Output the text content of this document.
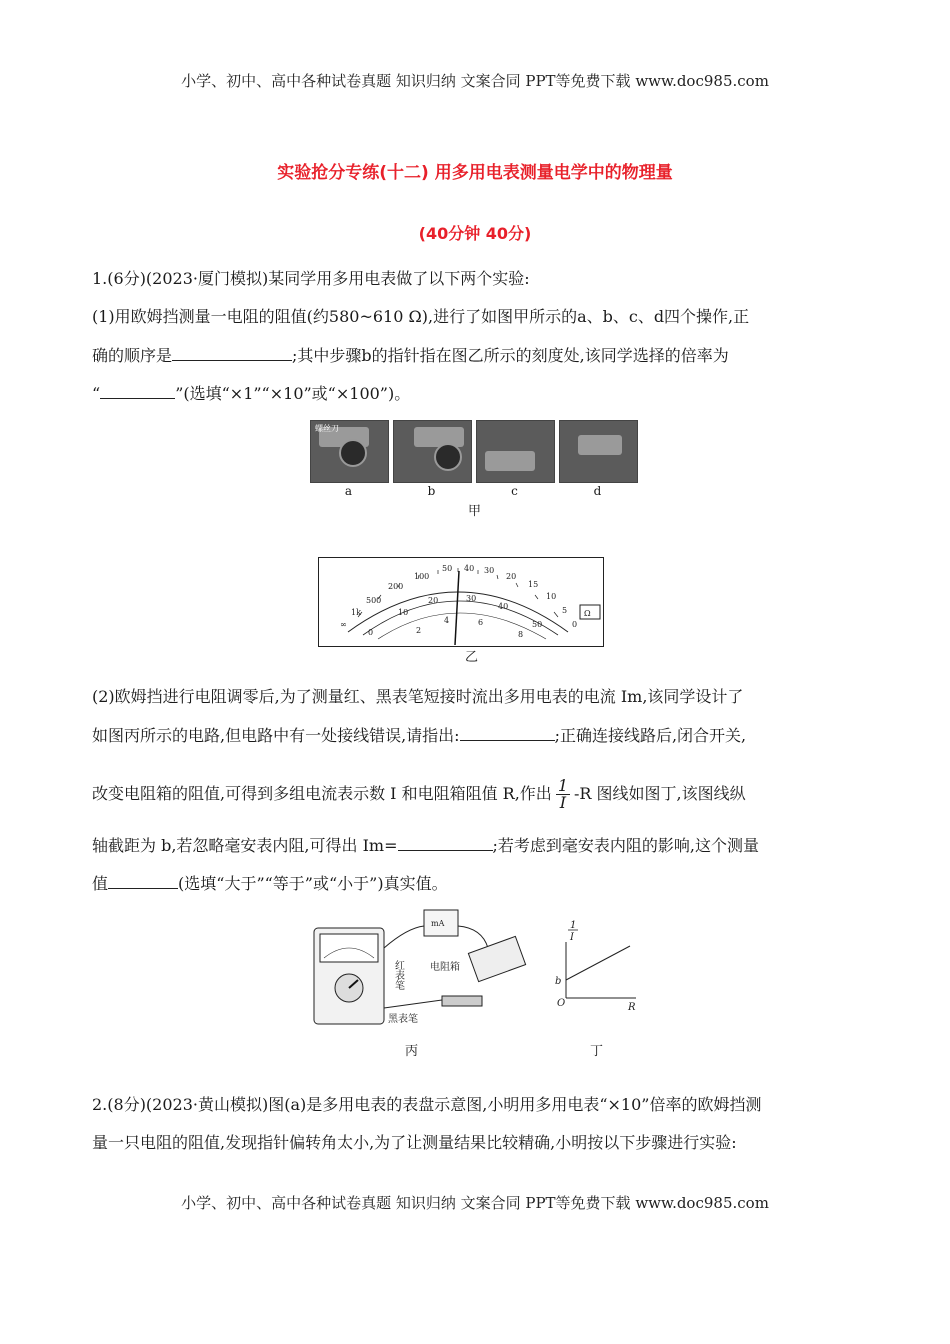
小学、初中、高中各种试卷真题 知识归纳 文案合同 PPT等免费下载 www.doc985.com
实验抢分专练(十二) 用多用电表测量电学中的物理量
(40分钟 40分)
1.(6分)(2023·厦门模拟)某同学用多用电表做了以下两个实验:
(1)用欧姆挡测量一电阻的阻值(约580~610 Ω),进行了如图甲所示的a、b、c、d四个操作,正
确的顺序是	;其中步骤b的指针指在图乙所示的刻度处,该同学选择的倍率为
“	”(选填“×1”“×10”或“×100”)。
螺丝刀
a	b	c	d
甲
∞
1k
500
200
100
50 40 30
20
15
10
5
0
Ω
0
10
20	30
40
50
2
4	6
8
乙
(2)欧姆挡进行电阻调零后,为了测量红、黑表笔短接时流出多用电表的电流 Im,该同学设计了
如图丙所示的电路,但电路中有一处接线错误,请指出:	;正确连接线路后,闭合开关,
改变电阻箱的阻值,可得到多组电流表示数 I 和电阻箱阻值 R,作出 $\frac{1}{I} -R$ 图线如图丁,该图线纵
轴截距为 b,若忽略毫安表内阻,可得出 Im=	;若考虑到毫安表内阻的影响,这个测量
值	(选填“大于”“等于”或“小于”)真实值。
mA
电阻箱
红表笔
黑表笔
丙
1
I
b
O	R
丁
2.(8分)(2023·黄山模拟)图(a)是多用电表的表盘示意图,小明用多用电表“×10”倍率的欧姆挡测
量一只电阻的阻值,发现指针偏转角太小,为了让测量结果比较精确,小明按以下步骤进行实验:
小学、初中、高中各种试卷真题 知识归纳 文案合同 PPT等免费下载 www.doc985.com
